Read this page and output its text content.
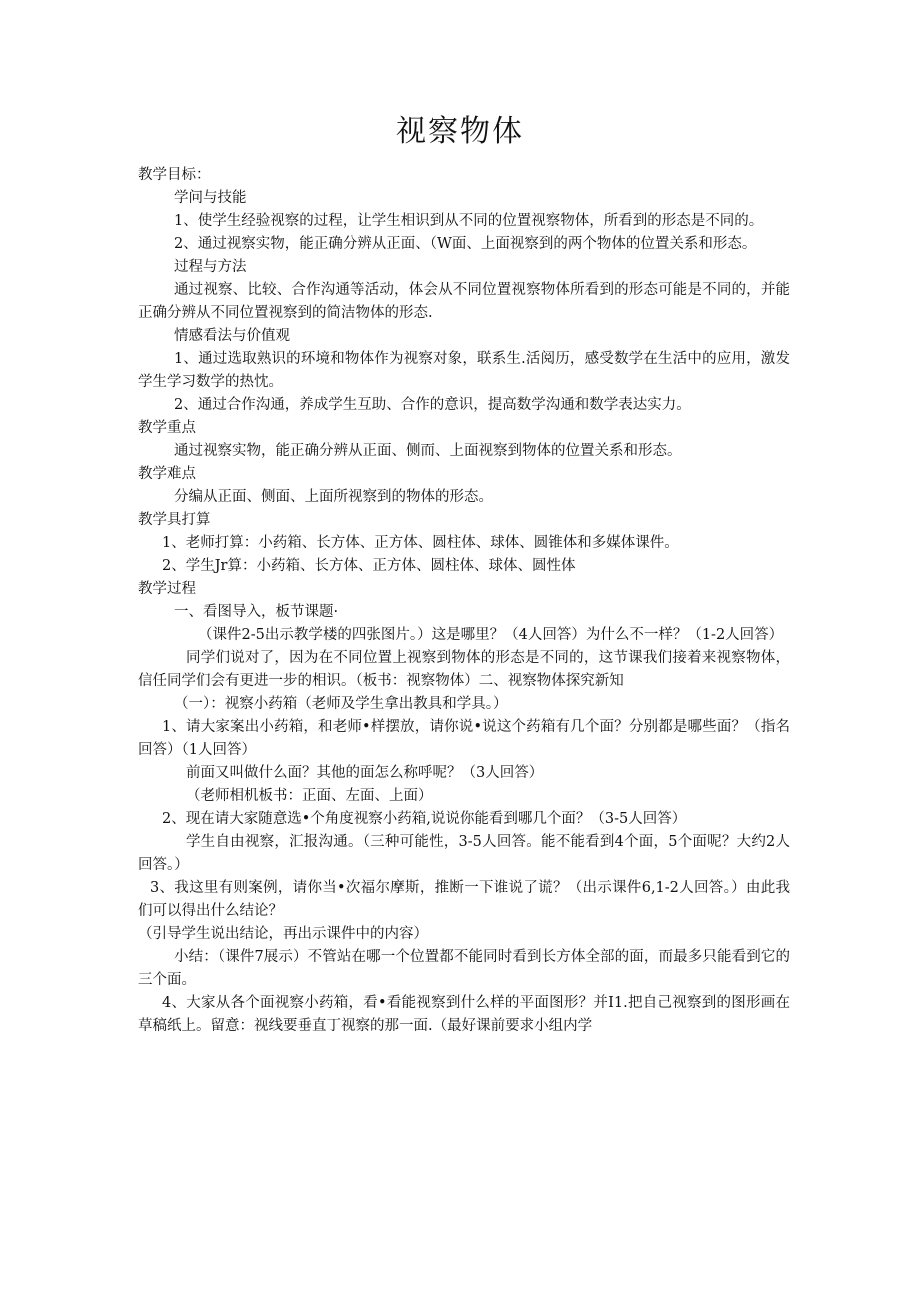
视察物体

教学目标：

学问与技能

1、使学生经验视察的过程，让学生相识到从不同的位置视察物体，所看到的形态是不同的。

2、通过视察实物，能正确分辨从正面、（W面、上面视察到的两个物体的位置关系和形态。

过程与方法

通过视察、比较、合作沟通等活动，体会从不同位置视察物体所看到的形态可能是不同的，并能正确分辨从不同位置视察到的简洁物体的形态.

情感看法与价值观

1、通过选取熟识的环境和物体作为视察对象，联系生.活阅历，感受数学在生活中的应用，激发学生学习数学的热忱。

2、通过合作沟通，养成学生互助、合作的意识，提高数学沟通和数学表达实力。

教学重点

通过视察实物，能正确分辨从正面、侧而、上面视察到物体的位置关系和形态。

教学难点

分编从正面、侧面、上面所视察到的物体的形态。

教学具打算

1、老师打算：小药箱、长方体、正方体、圆柱体、球体、圆锥体和多媒体课件。

2、学生Jr算：小药箱、长方体、正方体、圆柱体、球体、圆性体

教学过程

一、看图导入，板节课题·

（课件2-5出示教学楼的四张图片。）这是哪里？（4人回答）为什么不一样？（1-2人回答）

同学们说对了，因为在不同位置上视察到物体的形态是不同的，这节课我们接着来视察物体，信任同学们会有更进一步的相识。（板书：视察物体）二、视察物体探究新知

（一）：视察小药箱（老师及学生拿出教具和学具。）

1、请大家案出小药箱，和老师•样摆放，请你说•说这个药箱有几个面？分别都是哪些面？（指名回答）（1人回答）

前面又叫做什么面？其他的面怎么称呼呢？（3人回答）

（老师相机板书：正面、左面、上面）

2、现在请大家随意选•个角度视察小药箱,说说你能看到哪几个面？（3-5人回答）

学生自由视察，汇报沟通。（三种可能性，3-5人回答。能不能看到4个面，5个面呢？大约2人回答。）

3、我这里有则案例，请你当•次福尔摩斯，推断一下谁说了谎？（出示课件6,1-2人回答。）由此我们可以得出什么结论？

（引导学生说出结论，再出示课件中的内容）

小结：（课件7展示）不管站在哪一个位置都不能同时看到长方体全部的面，而最多只能看到它的三个面。

4、大家从各个面视察小药箱，看•看能视察到什么样的平面图形？并I1.把自己视察到的图形画在草稿纸上。留意：视线要垂直丁视察的那一面.（最好课前要求小组内学
